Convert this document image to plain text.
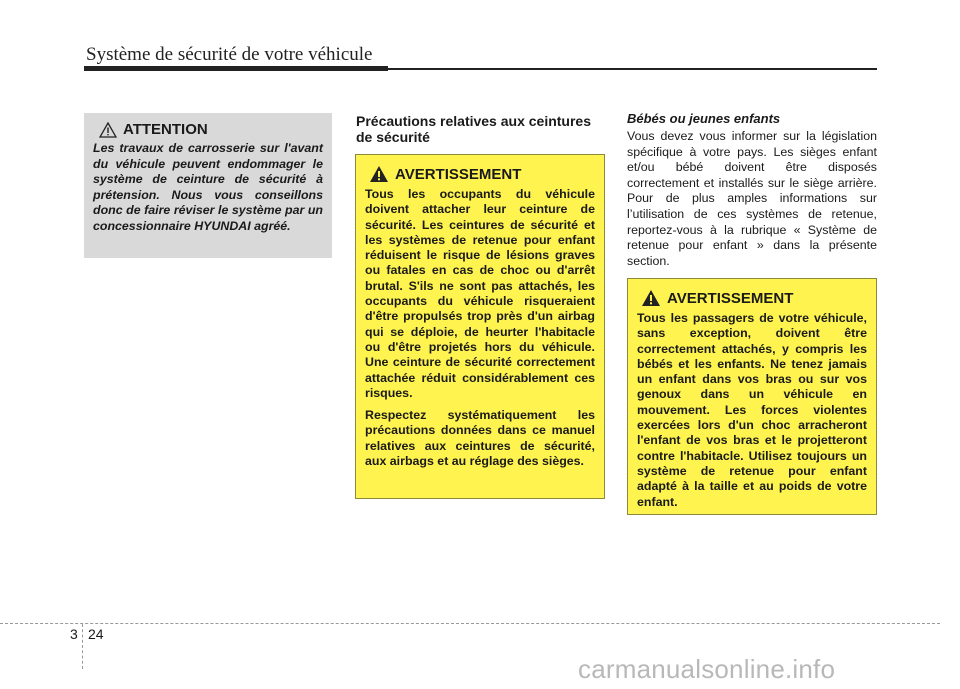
Système de sécurité de votre véhicule
ATTENTION
Les travaux de carrosserie sur l'avant du véhicule peuvent endommager le système de ceinture de sécurité à prétension. Nous vous conseillons donc de faire réviser le système par un concessionnaire HYUNDAI agréé.
Précautions relatives aux ceintures de sécurité
AVERTISSEMENT

Tous les occupants du véhicule doivent attacher leur ceinture de sécurité. Les ceintures de sécurité et les systèmes de retenue pour enfant réduisent le risque de lésions graves ou fatales en cas de choc ou d'arrêt brutal. S'ils ne sont pas attachés, les occupants du véhicule risqueraient d'être propulsés trop près d'un airbag qui se déploie, de heurter l'habitacle ou d'être projetés hors du véhicule. Une ceinture de sécurité correctement attachée réduit considérablement ces risques.

Respectez systématiquement les précautions données dans ce manuel relatives aux ceintures de sécurité, aux airbags et au réglage des sièges.

Bébés ou jeunes enfants
Vous devez vous informer sur la législation spécifique à votre pays. Les sièges enfant et/ou bébé doivent être disposés correctement et installés sur le siège arrière. Pour de plus amples informations sur l’utilisation de ces systèmes de retenue, reportez-vous à la rubrique « Système de retenue pour enfant » dans la présente section.
AVERTISSEMENT

Tous les passagers de votre véhicule, sans exception, doivent être correctement attachés, y compris les bébés et les enfants. Ne tenez jamais un enfant dans vos bras ou sur vos genoux dans un véhicule en mouvement. Les forces violentes exercées lors d'un choc arracheront l'enfant de vos bras et le projetteront contre l'habitacle. Utilisez toujours un système de retenue pour enfant adapté à la taille et au poids de votre enfant.

3 24
carmanualsonline.info
